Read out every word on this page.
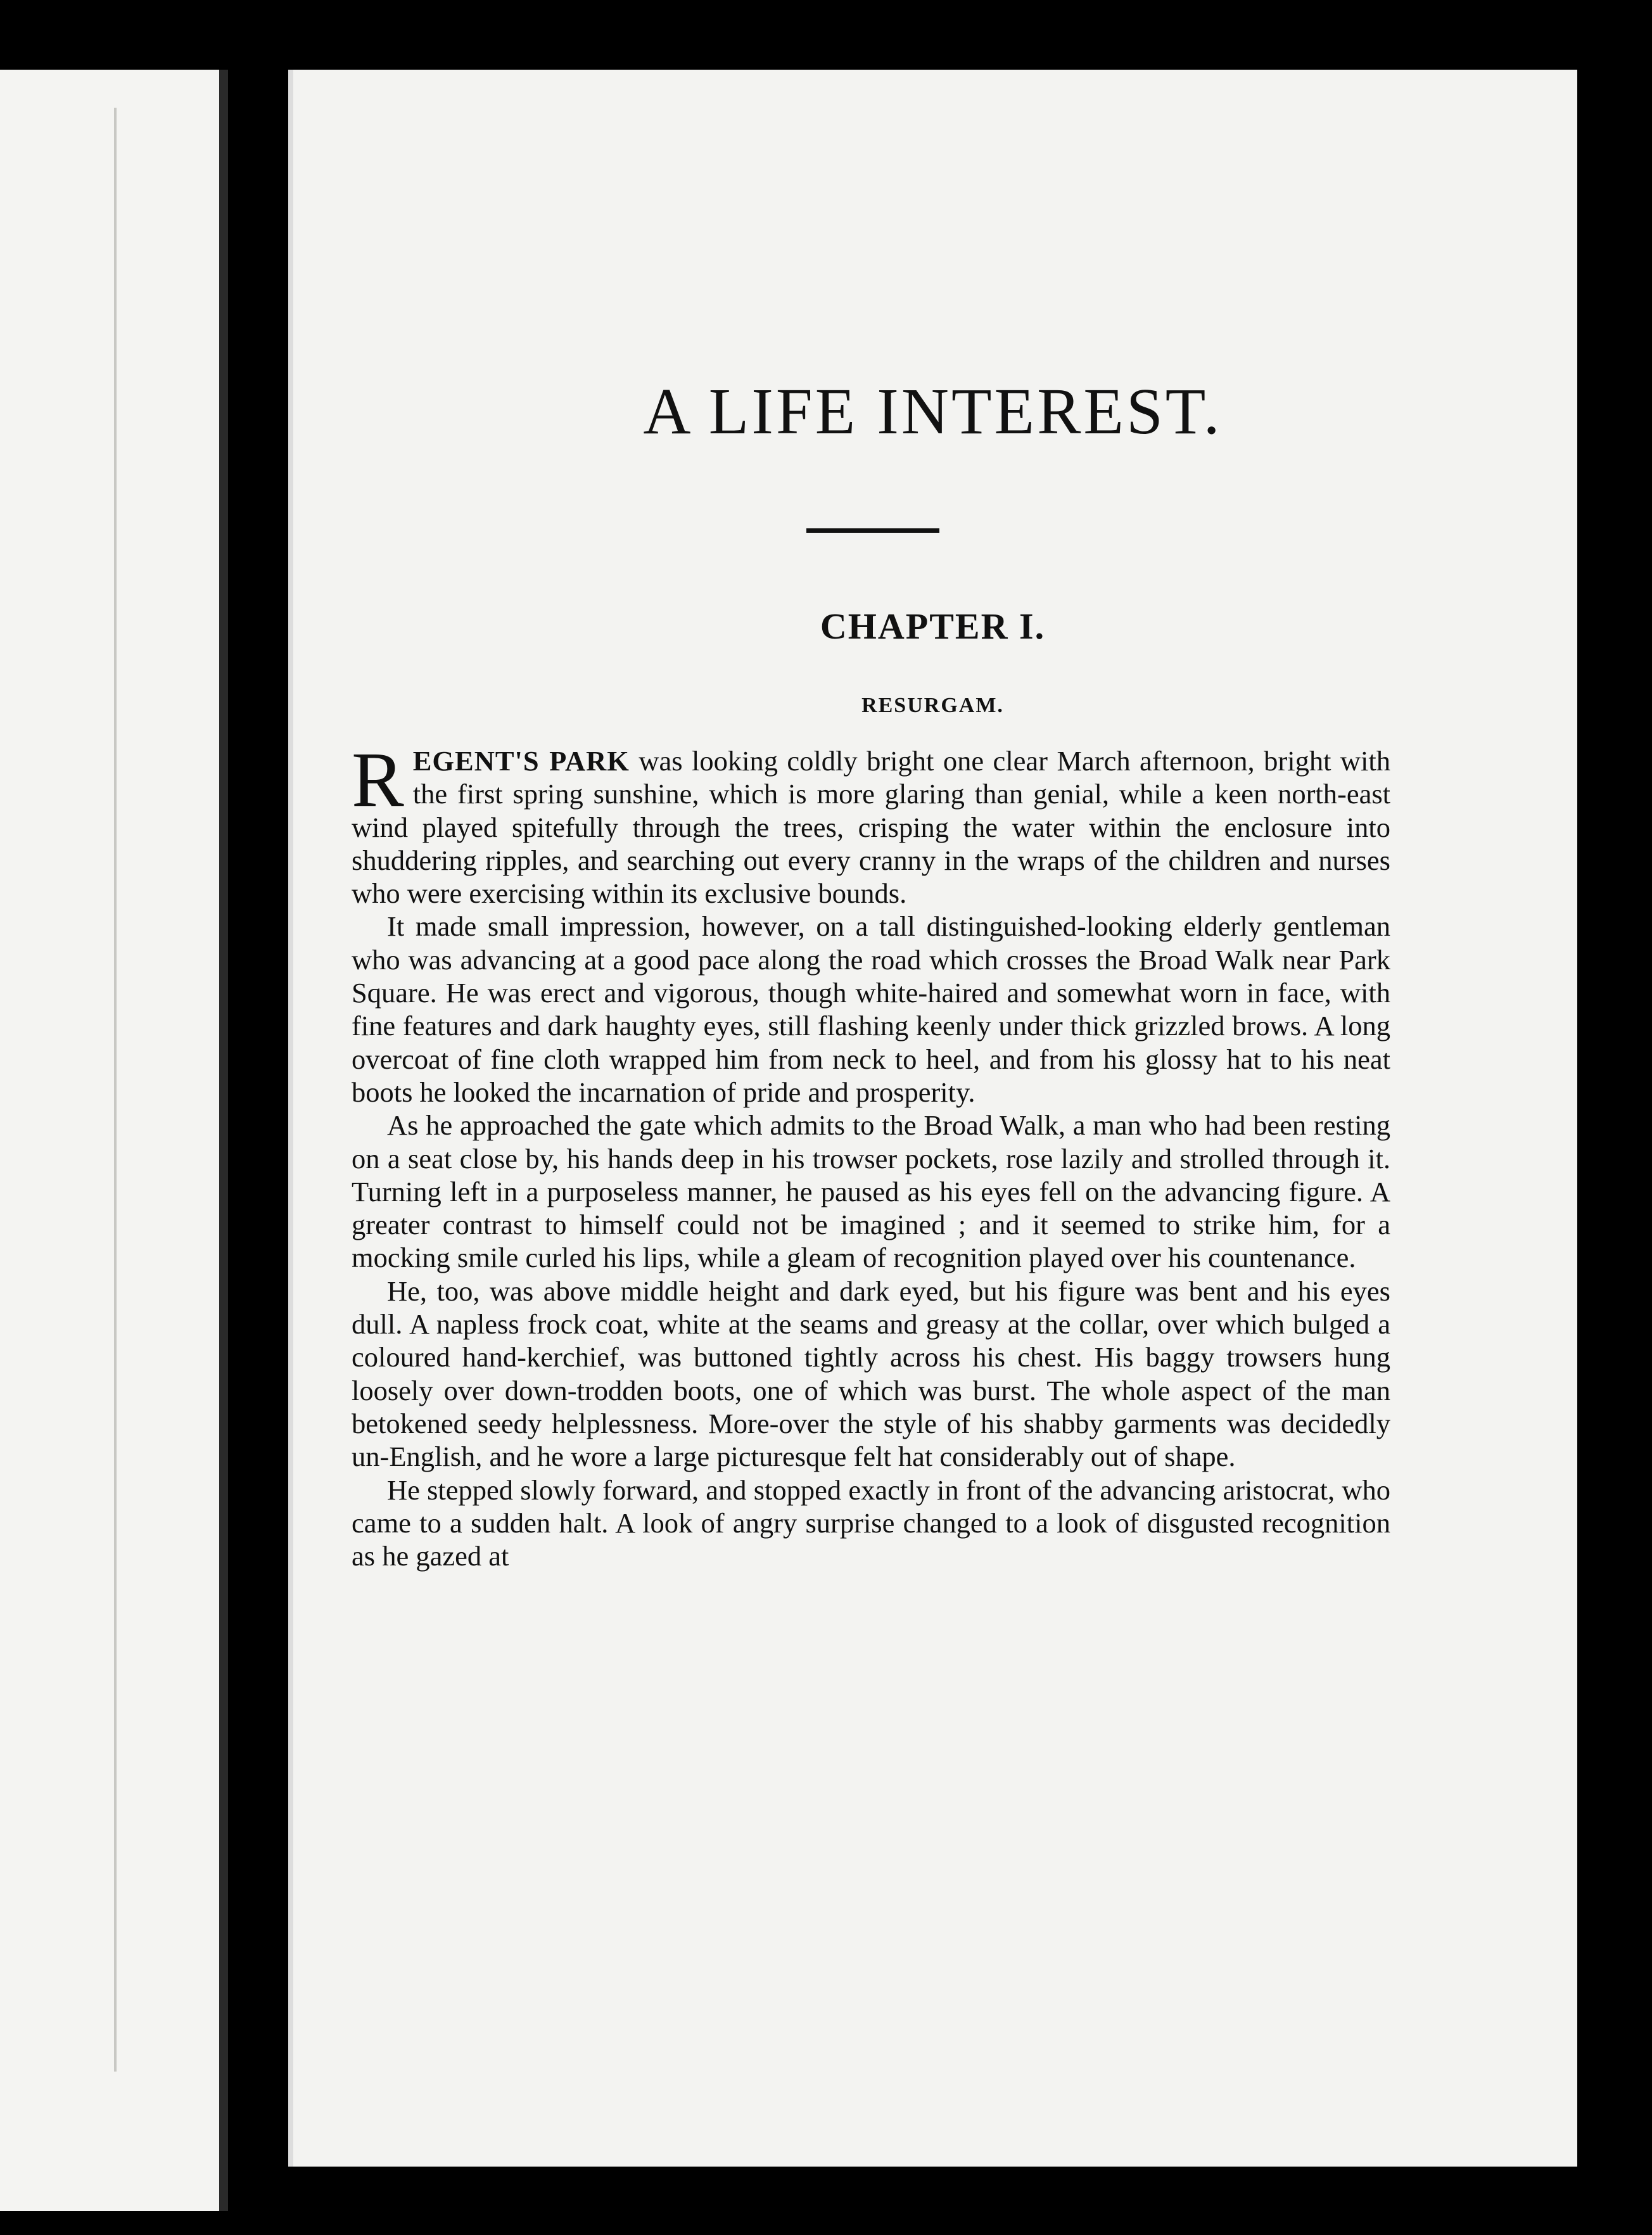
A LIFE INTEREST.
CHAPTER I.
RESURGAM.

REGENT'S PARK was looking coldly bright one clear March afternoon, bright with the first spring sunshine, which is more glaring than genial, while a keen north-east wind played spitefully through the trees, crisping the water within the enclosure into shuddering ripples, and searching out every cranny in the wraps of the children and nurses who were exercising within its exclusive bounds.

It made small impression, however, on a tall distinguished-looking elderly gentleman who was advancing at a good pace along the road which crosses the Broad Walk near Park Square. He was erect and vigorous, though white-haired and somewhat worn in face, with fine features and dark haughty eyes, still flashing keenly under thick grizzled brows. A long overcoat of fine cloth wrapped him from neck to heel, and from his glossy hat to his neat boots he looked the incarnation of pride and prosperity.

As he approached the gate which admits to the Broad Walk, a man who had been resting on a seat close by, his hands deep in his trowser pockets, rose lazily and strolled through it. Turning left in a purposeless manner, he paused as his eyes fell on the advancing figure. A greater contrast to himself could not be imagined ; and it seemed to strike him, for a mocking smile curled his lips, while a gleam of recognition played over his countenance.

He, too, was above middle height and dark eyed, but his figure was bent and his eyes dull. A napless frock coat, white at the seams and greasy at the collar, over which bulged a coloured hand-kerchief, was buttoned tightly across his chest. His baggy trowsers hung loosely over down-trodden boots, one of which was burst. The whole aspect of the man betokened seedy helplessness. More-over the style of his shabby garments was decidedly un-English, and he wore a large picturesque felt hat considerably out of shape.

He stepped slowly forward, and stopped exactly in front of the advancing aristocrat, who came to a sudden halt. A look of angry surprise changed to a look of disgusted recognition as he gazed at
